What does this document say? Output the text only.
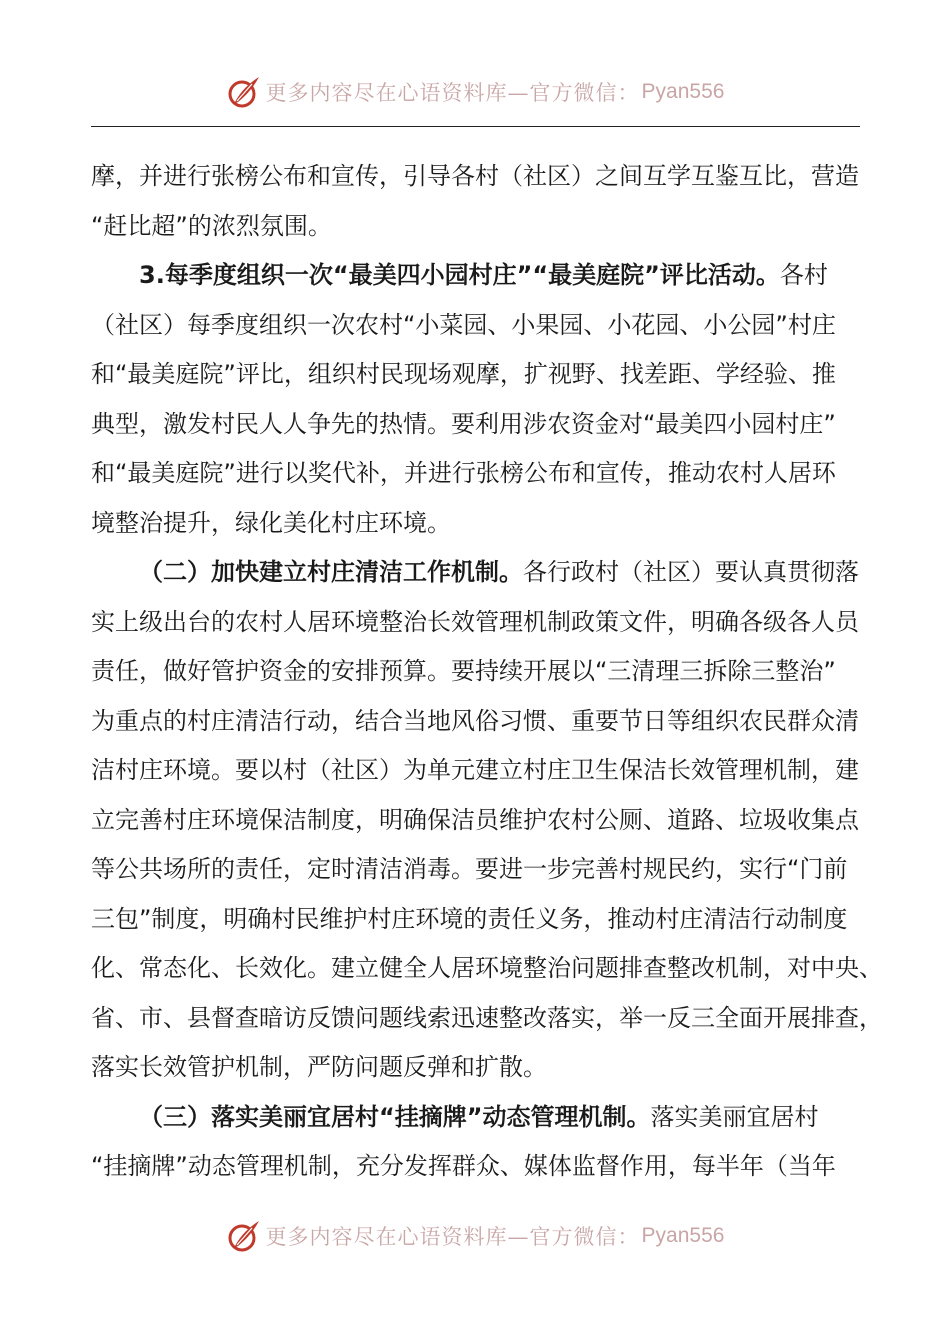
更多内容尽在心语资料库—官方微信： Pyan556
摩，并进行张榜公布和宣传，引导各村（社区）之间互学互鉴互比，营造
“赶比超”的浓烈氛围。
3.每季度组织一次“最美四小园村庄”“最美庭院”评比活动。各村
（社区）每季度组织一次农村“小菜园、小果园、小花园、小公园”村庄
和“最美庭院”评比，组织村民现场观摩，扩视野、找差距、学经验、推
典型，激发村民人人争先的热情。要利用涉农资金对“最美四小园村庄”
和“最美庭院”进行以奖代补，并进行张榜公布和宣传，推动农村人居环
境整治提升，绿化美化村庄环境。
（二）加快建立村庄清洁工作机制。各行政村（社区）要认真贯彻落
实上级出台的农村人居环境整治长效管理机制政策文件，明确各级各人员
责任，做好管护资金的安排预算。要持续开展以“三清理三拆除三整治”
为重点的村庄清洁行动，结合当地风俗习惯、重要节日等组织农民群众清
洁村庄环境。要以村（社区）为单元建立村庄卫生保洁长效管理机制，建
立完善村庄环境保洁制度，明确保洁员维护农村公厕、道路、垃圾收集点
等公共场所的责任，定时清洁消毒。要进一步完善村规民约，实行“门前
三包”制度，明确村民维护村庄环境的责任义务，推动村庄清洁行动制度
化、常态化、长效化。建立健全人居环境整治问题排查整改机制，对中央、
省、市、县督查暗访反馈问题线索迅速整改落实，举一反三全面开展排查，
落实长效管护机制，严防问题反弹和扩散。
（三）落实美丽宜居村“挂摘牌”动态管理机制。落实美丽宜居村
“挂摘牌”动态管理机制，充分发挥群众、媒体监督作用，每半年（当年
更多内容尽在心语资料库—官方微信： Pyan556
